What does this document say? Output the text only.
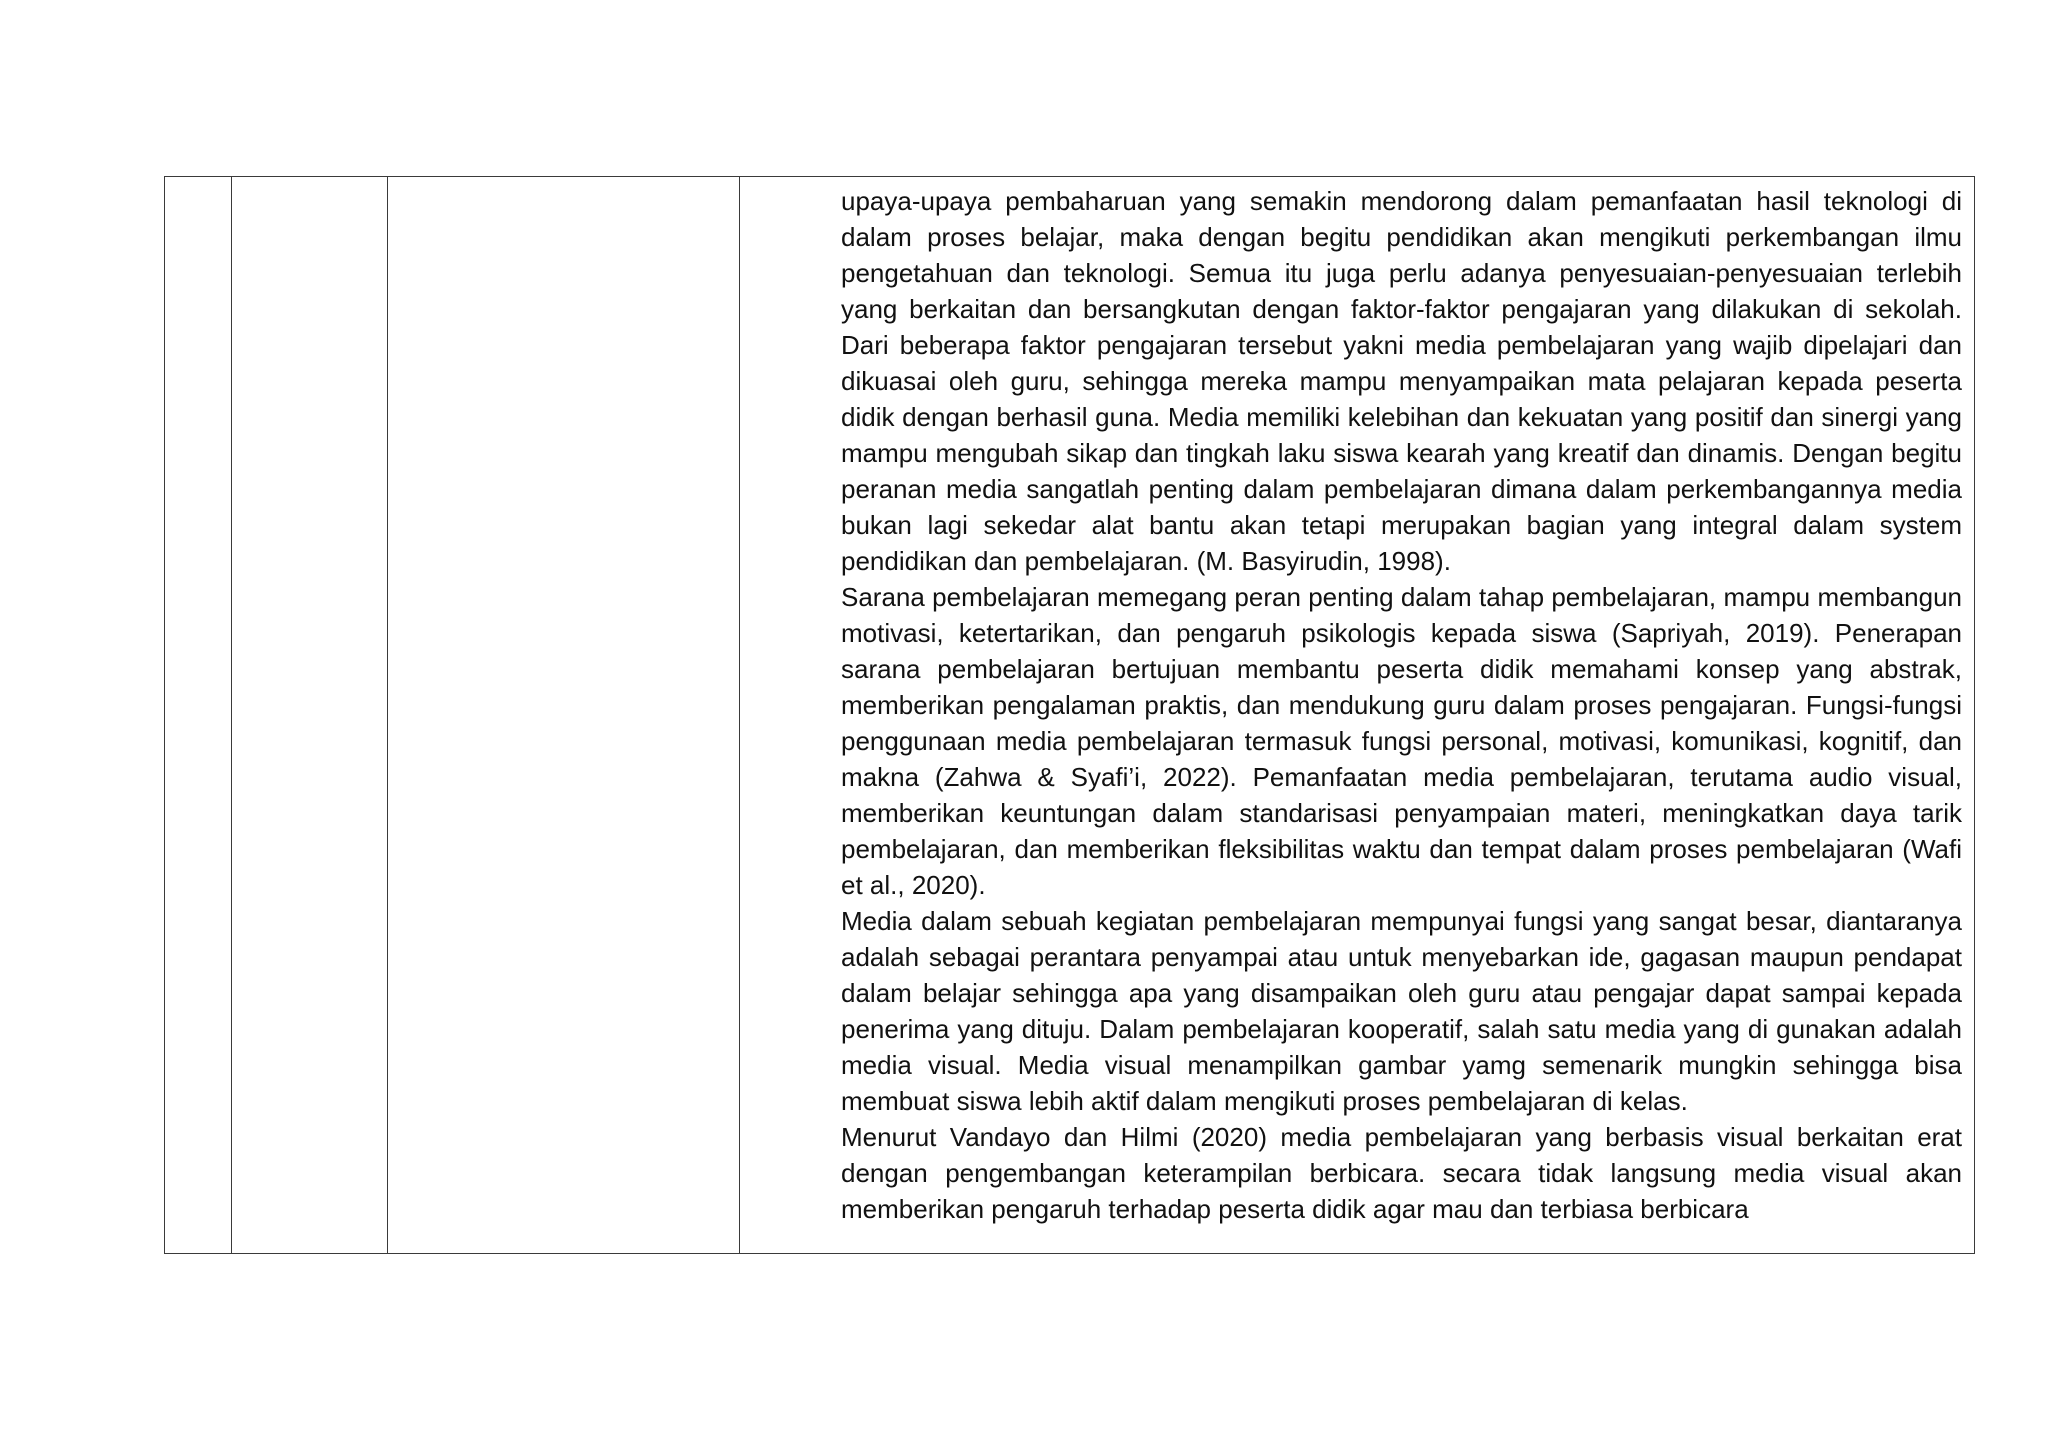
upaya-upaya pembaharuan yang semakin mendorong dalam pemanfaatan hasil teknologi di dalam proses belajar, maka dengan begitu pendidikan akan mengikuti perkembangan ilmu pengetahuan dan teknologi. Semua itu juga perlu adanya penyesuaian-penyesuaian terlebih yang berkaitan dan bersangkutan dengan faktor-faktor pengajaran yang dilakukan di sekolah. Dari beberapa faktor pengajaran tersebut yakni media pembelajaran yang wajib dipelajari dan dikuasai oleh guru, sehingga mereka mampu menyampaikan mata pelajaran kepada peserta didik dengan berhasil guna. Media memiliki kelebihan dan kekuatan yang positif dan sinergi yang mampu mengubah sikap dan tingkah laku siswa kearah yang kreatif dan dinamis. Dengan begitu peranan media sangatlah penting dalam pembelajaran dimana dalam perkembangannya media bukan lagi sekedar alat bantu akan tetapi merupakan bagian yang integral dalam system pendidikan dan pembelajaran. (M. Basyirudin, 1998).

Sarana pembelajaran memegang peran penting dalam tahap pembelajaran, mampu membangun motivasi, ketertarikan, dan pengaruh psikologis kepada siswa (Sapriyah, 2019). Penerapan sarana pembelajaran bertujuan membantu peserta didik memahami konsep yang abstrak, memberikan pengalaman praktis, dan mendukung guru dalam proses pengajaran. Fungsi-fungsi penggunaan media pembelajaran termasuk fungsi personal, motivasi, komunikasi, kognitif, dan makna (Zahwa & Syafi’i, 2022). Pemanfaatan media pembelajaran, terutama audio visual, memberikan keuntungan dalam standarisasi penyampaian materi, meningkatkan daya tarik pembelajaran, dan memberikan fleksibilitas waktu dan tempat dalam proses pembelajaran (Wafi et al., 2020).

Media dalam sebuah kegiatan pembelajaran mempunyai fungsi yang sangat besar, diantaranya adalah sebagai perantara penyampai atau untuk menyebarkan ide, gagasan maupun pendapat dalam belajar sehingga apa yang disampaikan oleh guru atau pengajar dapat sampai kepada penerima yang dituju. Dalam pembelajaran kooperatif, salah satu media yang di gunakan adalah media visual. Media visual menampilkan gambar yamg semenarik mungkin sehingga bisa membuat siswa lebih aktif dalam mengikuti proses pembelajaran di kelas.

Menurut Vandayo dan Hilmi (2020) media pembelajaran yang berbasis visual berkaitan erat dengan pengembangan keterampilan berbicara. secara tidak langsung media visual akan memberikan pengaruh terhadap peserta didik agar mau dan terbiasa berbicara
